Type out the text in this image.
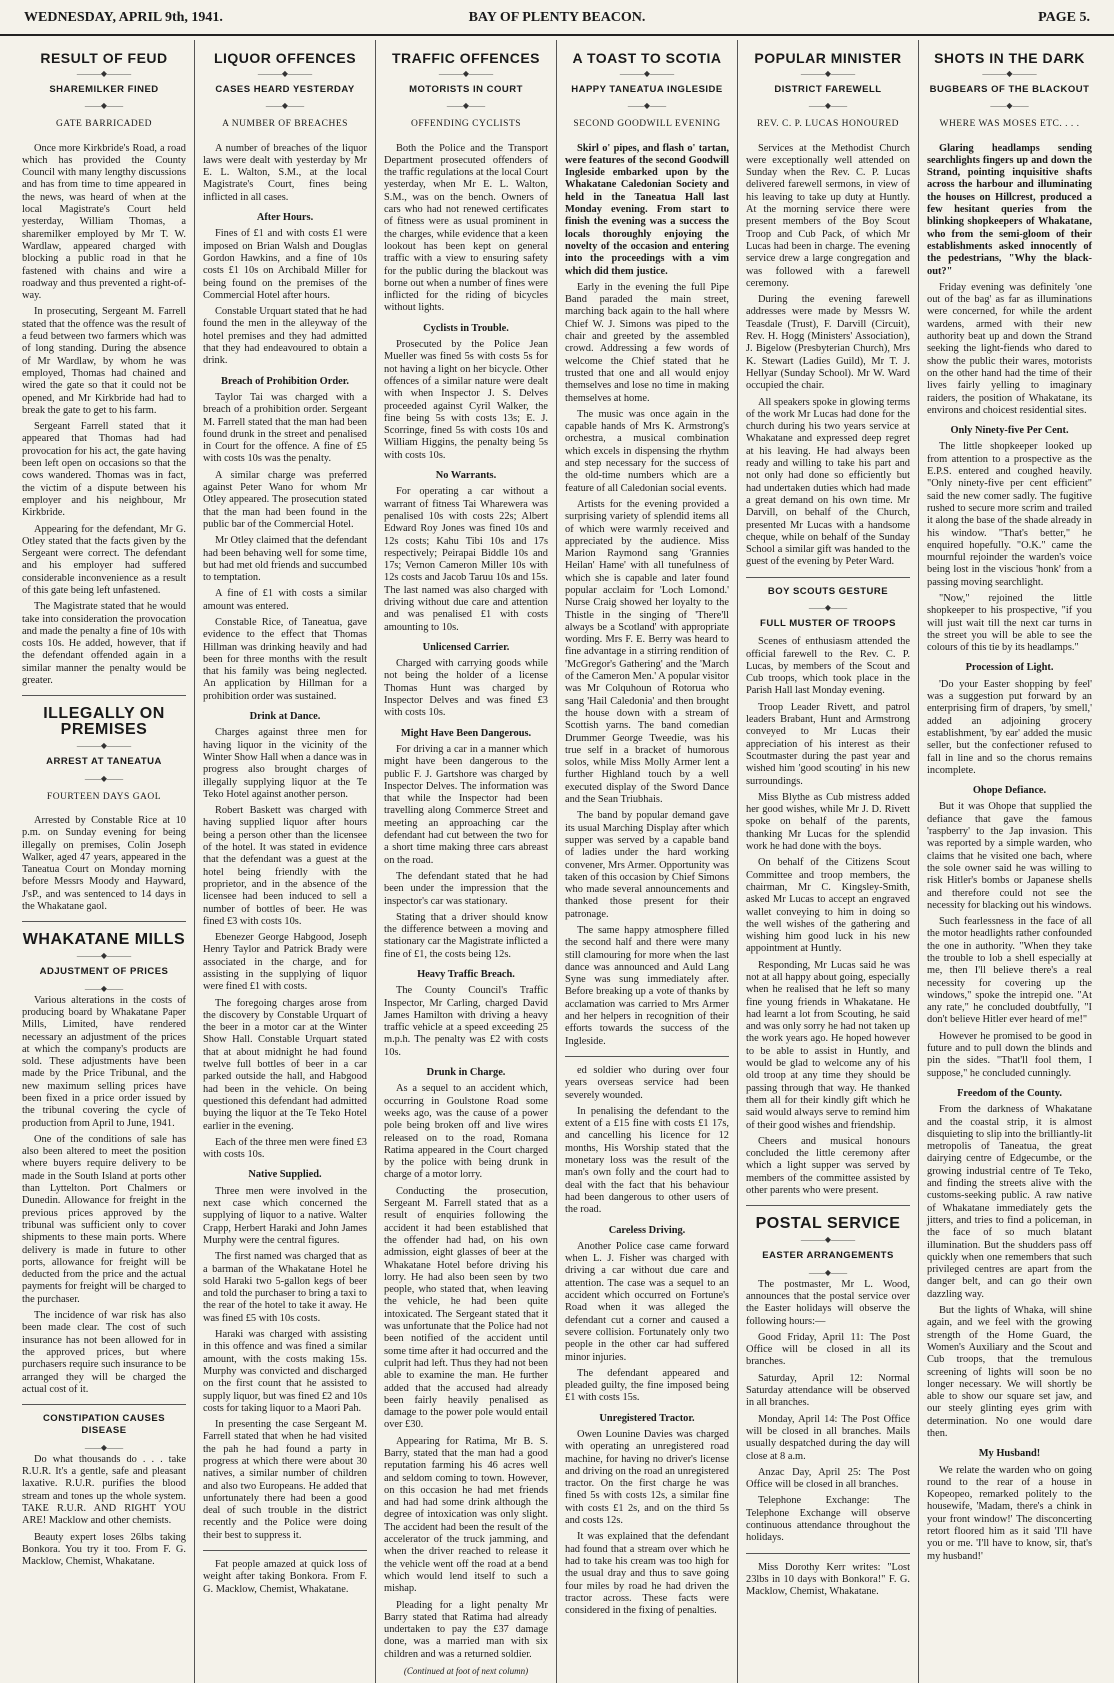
WEDNESDAY, APRIL 9th, 1941.	BAY OF PLENTY BEACON.	PAGE 5.
RESULT OF FEUD
———◆———
SHAREMILKER FINED
——◆——
GATE BARRICADED

Once more Kirkbride's Road, a road which has provided the County Council with many lengthy discussions and has from time to time appeared in the news, was heard of when at the local Magistrate's Court held yesterday, William Thomas, a sharemilker employed by Mr T. W. Wardlaw, appeared charged with blocking a public road in that he fastened with chains and wire a roadway and thus prevented a right-of-way.

In prosecuting, Sergeant M. Farrell stated that the offence was the result of a feud between two farmers which was of long standing. During the absence of Mr Wardlaw, by whom he was employed, Thomas had chained and wired the gate so that it could not be opened, and Mr Kirkbride had had to break the gate to get to his farm.

Sergeant Farrell stated that it appeared that Thomas had had provocation for his act, the gate having been left open on occasions so that the cows wandered. Thomas was in fact, the victim of a dispute between his employer and his neighbour, Mr Kirkbride.

Appearing for the defendant, Mr G. Otley stated that the facts given by the Sergeant were correct. The defendant and his employer had suffered considerable inconvenience as a result of this gate being left unfastened.

The Magistrate stated that he would take into consideration the provocation and made the penalty a fine of 10s with costs 10s. He added, however, that if the defendant offended again in a similar manner the penalty would be greater.

ILLEGALLY ON PREMISES
———◆———
ARREST AT TANEATUA
——◆——
FOURTEEN DAYS GAOL

Arrested by Constable Rice at 10 p.m. on Sunday evening for being illegally on premises, Colin Joseph Walker, aged 47 years, appeared in the Taneatua Court on Monday morning before Messrs Moody and Hayward, J'sP., and was sentenced to 14 days in the Whakatane gaol.

WHAKATANE MILLS
———◆———
ADJUSTMENT OF PRICES
——◆——

Various alterations in the costs of producing board by Whakatane Paper Mills, Limited, have rendered necessary an adjustment of the prices at which the company's products are sold. These adjustments have been made by the Price Tribunal, and the new maximum selling prices have been fixed in a price order issued by the tribunal covering the cycle of production from April to June, 1941.

One of the conditions of sale has also been altered to meet the position where buyers require delivery to be made in the South Island at ports other than Lyttelton. Port Chalmers or Dunedin. Allowance for freight in the previous prices approved by the tribunal was sufficient only to cover shipments to these main ports. Where delivery is made in future to other ports, allowance for freight will be deducted from the price and the actual payments for freight will be charged to the purchaser.

The incidence of war risk has also been made clear. The cost of such insurance has not been allowed for in the approved prices, but where purchasers require such insurance to be arranged they will be charged the actual cost of it.

CONSTIPATION CAUSES DISEASE
——◆——

Do what thousands do . . . take R.U.R. It's a gentle, safe and pleasant laxative. R.U.R. purifies the blood stream and tones up the whole system. TAKE R.U.R. AND RIGHT YOU ARE! Macklow and other chemists.

Beauty expert loses 26lbs taking Bonkora. You try it too. From F. G. Macklow, Chemist, Whakatane.

LIQUOR OFFENCES
———◆———
CASES HEARD YESTERDAY
——◆——
A NUMBER OF BREACHES

A number of breaches of the liquor laws were dealt with yesterday by Mr E. L. Walton, S.M., at the local Magistrate's Court, fines being inflicted in all cases.

After Hours.

Fines of £1 and with costs £1 were imposed on Brian Walsh and Douglas Gordon Hawkins, and a fine of 10s costs £1 10s on Archibald Miller for being found on the premises of the Commercial Hotel after hours.

Constable Urquart stated that he had found the men in the alleyway of the hotel premises and they had admitted that they had endeavoured to obtain a drink.

Breach of Prohibition Order.

Taylor Tai was charged with a breach of a prohibition order. Sergeant M. Farrell stated that the man had been found drunk in the street and penalised in Court for the offence. A fine of £5 with costs 10s was the penalty.

A similar charge was preferred against Peter Wano for whom Mr Otley appeared. The prosecution stated that the man had been found in the public bar of the Commercial Hotel.

Mr Otley claimed that the defendant had been behaving well for some time, but had met old friends and succumbed to temptation.

A fine of £1 with costs a similar amount was entered.

Constable Rice, of Taneatua, gave evidence to the effect that Thomas Hillman was drinking heavily and had been for three months with the result that his family was being neglected. An application by Hillman for a prohibition order was sustained.

Drink at Dance.

Charges against three men for having liquor in the vicinity of the Winter Show Hall when a dance was in progress also brought charges of illegally supplying liquor at the Te Teko Hotel against another person.

Robert Baskett was charged with having supplied liquor after hours being a person other than the licensee of the hotel. It was stated in evidence that the defendant was a guest at the hotel being friendly with the proprietor, and in the absence of the licensee had been induced to sell a number of bottles of beer. He was fined £3 with costs 10s.

Ebenezer George Habgood, Joseph Henry Taylor and Patrick Brady were associated in the charge, and for assisting in the supplying of liquor were fined £1 with costs.

The foregoing charges arose from the discovery by Constable Urquart of the beer in a motor car at the Winter Show Hall. Constable Urquart stated that at about midnight he had found twelve full bottles of beer in a car parked outside the hall, and Habgood had been in the vehicle. On being questioned this defendant had admitted buying the liquor at the Te Teko Hotel earlier in the evening.

Each of the three men were fined £3 with costs 10s.

Native Supplied.

Three men were involved in the next case which concerned the supplying of liquor to a native. Walter Crapp, Herbert Haraki and John James Murphy were the central figures.

The first named was charged that as a barman of the Whakatane Hotel he sold Haraki two 5-gallon kegs of beer and told the purchaser to bring a taxi to the rear of the hotel to take it away. He was fined £5 with 10s costs.

Haraki was charged with assisting in this offence and was fined a similar amount, with the costs making 15s. Murphy was convicted and discharged on the first count that he assisted to supply liquor, but was fined £2 and 10s costs for taking liquor to a Maori Pah.

In presenting the case Sergeant M. Farrell stated that when he had visited the pah he had found a party in progress at which there were about 30 natives, a similar number of children and also two Europeans. He added that unfortunately there had been a good deal of such trouble in the district recently and the Police were doing their best to suppress it.

Fat people amazed at quick loss of weight after taking Bonkora. From F. G. Macklow, Chemist, Whakatane.

TRAFFIC OFFENCES
———◆———
MOTORISTS IN COURT
——◆——
OFFENDING CYCLISTS

Both the Police and the Transport Department prosecuted offenders of the traffic regulations at the local Court yesterday, when Mr E. L. Walton, S.M., was on the bench. Owners of cars who had not renewed certificates of fitness were as usual prominent in the charges, while evidence that a keen lookout has been kept on general traffic with a view to ensuring safety for the public during the blackout was borne out when a number of fines were inflicted for the riding of bicycles without lights.

Cyclists in Trouble.

Prosecuted by the Police Jean Mueller was fined 5s with costs 5s for not having a light on her bicycle. Other offences of a similar nature were dealt with when Inspector J. S. Delves proceeded against Cyril Walker, the fine being 5s with costs 13s; E. J. Scorringe, fined 5s with costs 10s and William Higgins, the penalty being 5s with costs 10s.

No Warrants.

For operating a car without a warrant of fitness Tai Wharewera was penalised 10s with costs 22s; Albert Edward Roy Jones was fined 10s and 12s costs; Kahu Tibi 10s and 17s respectively; Peirapai Biddle 10s and 17s; Vernon Cameron Miller 10s with 12s costs and Jacob Taruu 10s and 15s. The last named was also charged with driving without due care and attention and was penalised £1 with costs amounting to 10s.

Unlicensed Carrier.

Charged with carrying goods while not being the holder of a license Thomas Hunt was charged by Inspector Delves and was fined £3 with costs 10s.

Might Have Been Dangerous.

For driving a car in a manner which might have been dangerous to the public F. J. Gartshore was charged by Inspector Delves. The information was that while the Inspector had been travelling along Commerce Street and meeting an approaching car the defendant had cut between the two for a short time making three cars abreast on the road.

The defendant stated that he had been under the impression that the inspector's car was stationary.

Stating that a driver should know the difference between a moving and stationary car the Magistrate inflicted a fine of £1, the costs being 12s.

Heavy Traffic Breach.

The County Council's Traffic Inspector, Mr Carling, charged David James Hamilton with driving a heavy traffic vehicle at a speed exceeding 25 m.p.h. The penalty was £2 with costs 10s.

Drunk in Charge.

As a sequel to an accident which, occurring in Goulstone Road some weeks ago, was the cause of a power pole being broken off and live wires released on to the road, Romana Ratima appeared in the Court charged by the police with being drunk in charge of a motor lorry.

Conducting the prosecution, Sergeant M. Farrell stated that as a result of enquiries following the accident it had been established that the offender had had, on his own admission, eight glasses of beer at the Whakatane Hotel before driving his lorry. He had also been seen by two people, who stated that, when leaving the vehicle, he had been quite intoxicated. The Sergeant stated that it was unfortunate that the Police had not been notified of the accident until some time after it had occurred and the culprit had left. Thus they had not been able to examine the man. He further added that the accused had already been fairly heavily penalised as damage to the power pole would entail over £30.

Appearing for Ratima, Mr B. S. Barry, stated that the man had a good reputation farming his 46 acres well and seldom coming to town. However, on this occasion he had met friends and had had some drink although the degree of intoxication was only slight. The accident had been the result of the accelerator of the truck jamming, and when the driver reached to release it the vehicle went off the road at a bend which would lend itself to such a mishap.

Pleading for a light penalty Mr Barry stated that Ratima had already undertaken to pay the £37 damage done, was a married man with six children and was a returned soldier.

(Continued at foot of next column)
A TOAST TO SCOTIA
———◆———
HAPPY TANEATUA INGLESIDE
——◆——
SECOND GOODWILL EVENING

Skirl o' pipes, and flash o' tartan, were features of the second Goodwill Ingleside embarked upon by the Whakatane Caledonian Society and held in the Taneatua Hall last Monday evening. From start to finish the evening was a success the locals thoroughly enjoying the novelty of the occasion and entering into the proceedings with a vim which did them justice.

Early in the evening the full Pipe Band paraded the main street, marching back again to the hall where Chief W. J. Simons was piped to the chair and greeted by the assembled crowd. Addressing a few words of welcome the Chief stated that he trusted that one and all would enjoy themselves and lose no time in making themselves at home.

The music was once again in the capable hands of Mrs K. Armstrong's orchestra, a musical combination which excels in dispensing the rhythm and step necessary for the success of the old-time numbers which are a feature of all Caledonian social events.

Artists for the evening provided a surprising variety of splendid items all of which were warmly received and appreciated by the audience. Miss Marion Raymond sang 'Grannies Heilan' Hame' with all tunefulness of which she is capable and later found popular acclaim for 'Loch Lomond.' Nurse Craig showed her loyalty to the Thistle in the singing of 'There'll always be a Scotland' with appropriate wording. Mrs F. E. Berry was heard to fine advantage in a stirring rendition of 'McGregor's Gathering' and the 'March of the Cameron Men.' A popular visitor was Mr Colquhoun of Rotorua who sang 'Hail Caledonia' and then brought the house down with a stream of Scottish yarns. The band comedian Drummer George Tweedie, was his true self in a bracket of humorous solos, while Miss Molly Armer lent a further Highland touch by a well executed display of the Sword Dance and the Sean Triubhais.

The band by popular demand gave its usual Marching Display after which supper was served by a capable band of ladies under the hard working convener, Mrs Armer. Opportunity was taken of this occasion by Chief Simons who made several announcements and thanked those present for their patronage.

The same happy atmosphere filled the second half and there were many still clamouring for more when the last dance was announced and Auld Lang Syne was sung immediately after. Before breaking up a vote of thanks by acclamation was carried to Mrs Armer and her helpers in recognition of their efforts towards the success of the Ingleside.

ed soldier who during over four years overseas service had been severely wounded.

In penalising the defendant to the extent of a £15 fine with costs £1 17s, and cancelling his licence for 12 months, His Worship stated that the monetary loss was the result of the man's own folly and the court had to deal with the fact that his behaviour had been dangerous to other users of the road.

Careless Driving.

Another Police case came forward when L. J. Fisher was charged with driving a car without due care and attention. The case was a sequel to an accident which occurred on Fortune's Road when it was alleged the defendant cut a corner and caused a severe collision. Fortunately only two people in the other car had suffered minor injuries.

The defendant appeared and pleaded guilty, the fine imposed being £1 with costs 15s.

Unregistered Tractor.

Owen Lounine Davies was charged with operating an unregistered road machine, for having no driver's license and driving on the road an unregistered tractor. On the first charge he was fined 5s with costs 12s, a similar fine with costs £1 2s, and on the third 5s and costs 12s.

It was explained that the defendant had found that a stream over which he had to take his cream was too high for the usual dray and thus to save going four miles by road he had driven the tractor across. These facts were considered in the fixing of penalties.

POPULAR MINISTER
———◆———
DISTRICT FAREWELL
——◆——
REV. C. P. LUCAS HONOURED

Services at the Methodist Church were exceptionally well attended on Sunday when the Rev. C. P. Lucas delivered farewell sermons, in view of his leaving to take up duty at Huntly. At the morning service there were present members of the Boy Scout Troop and Cub Pack, of which Mr Lucas had been in charge. The evening service drew a large congregation and was followed with a farewell ceremony.

During the evening farewell addresses were made by Messrs W. Teasdale (Trust), F. Darvill (Circuit), Rev. H. Hogg (Ministers' Association), J. Bigelow (Presbyterian Church), Mrs K. Stewart (Ladies Guild), Mr T. J. Hellyar (Sunday School). Mr W. Ward occupied the chair.

All speakers spoke in glowing terms of the work Mr Lucas had done for the church during his two years service at Whakatane and expressed deep regret at his leaving. He had always been ready and willing to take his part and not only had done so efficiently but had undertaken duties which had made a great demand on his own time. Mr Darvill, on behalf of the Church, presented Mr Lucas with a handsome cheque, while on behalf of the Sunday School a similar gift was handed to the guest of the evening by Peter Ward.

BOY SCOUTS GESTURE
——◆——
FULL MUSTER OF TROOPS

Scenes of enthusiasm attended the official farewell to the Rev. C. P. Lucas, by members of the Scout and Cub troops, which took place in the Parish Hall last Monday evening.

Troop Leader Rivett, and patrol leaders Brabant, Hunt and Armstrong conveyed to Mr Lucas their appreciation of his interest as their Scoutmaster during the past year and wished him 'good scouting' in his new surroundings.

Miss Blythe as Cub mistress added her good wishes, while Mr J. D. Rivett spoke on behalf of the parents, thanking Mr Lucas for the splendid work he had done with the boys.

On behalf of the Citizens Scout Committee and troop members, the chairman, Mr C. Kingsley-Smith, asked Mr Lucas to accept an engraved wallet conveying to him in doing so the well wishes of the gathering and wishing him good luck in his new appointment at Huntly.

Responding, Mr Lucas said he was not at all happy about going, especially when he realised that he left so many fine young friends in Whakatane. He had learnt a lot from Scouting, he said and was only sorry he had not taken up the work years ago. He hoped however to be able to assist in Huntly, and would be glad to welcome any of his old troop at any time they should be passing through that way. He thanked them all for their kindly gift which he said would always serve to remind him of their good wishes and friendship.

Cheers and musical honours concluded the little ceremony after which a light supper was served by members of the committee assisted by other parents who were present.

POSTAL SERVICE
———◆———
EASTER ARRANGEMENTS
——◆——

The postmaster, Mr L. Wood, announces that the postal service over the Easter holidays will observe the following hours:—

Good Friday, April 11: The Post Office will be closed in all its branches.

Saturday, April 12: Normal Saturday attendance will be observed in all branches.

Monday, April 14: The Post Office will be closed in all branches. Mails usually despatched during the day will close at 8 a.m.

Anzac Day, April 25: The Post Office will be closed in all branches.

Telephone Exchange: The Telephone Exchange will observe continuous attendance throughout the holidays.

Miss Dorothy Kerr writes: "Lost 23lbs in 10 days with Bonkora!" F. G. Macklow, Chemist, Whakatane.

SHOTS IN THE DARK
———◆———
BUGBEARS OF THE BLACKOUT
——◆——
WHERE WAS MOSES ETC. . . .

Glaring headlamps sending searchlights fingers up and down the Strand, pointing inquisitive shafts across the harbour and illuminating the houses on Hillcrest, produced a few hesitant queries from the blinking shopkeepers of Whakatane, who from the semi-gloom of their establishments asked innocently of the pedestrians, "Why the black-out?"

Friday evening was definitely 'one out of the bag' as far as illuminations were concerned, for while the ardent wardens, armed with their new authority beat up and down the Strand seeking the light-fiends who dared to show the public their wares, motorists on the other hand had the time of their lives fairly yelling to imaginary raiders, the position of Whakatane, its environs and choicest residential sites.

Only Ninety-five Per Cent.

The little shopkeeper looked up from attention to a prospective as the E.P.S. entered and coughed heavily. "Only ninety-five per cent efficient" said the new comer sadly. The fugitive rushed to secure more scrim and trailed it along the base of the shade already in his window. "That's better," he enquired hopefully. "O.K." came the mournful rejoinder the warden's voice being lost in the viscious 'honk' from a passing moving searchlight.

"Now," rejoined the little shopkeeper to his prospective, "if you will just wait till the next car turns in the street you will be able to see the colours of this tie by its headlamps."

Procession of Light.

'Do your Easter shopping by feel' was a suggestion put forward by an enterprising firm of drapers, 'by smell,' added an adjoining grocery establishment, 'by ear' added the music seller, but the confectioner refused to fall in line and so the chorus remains incomplete.

Ohope Defiance.

But it was Ohope that supplied the defiance that gave the famous 'raspberry' to the Jap invasion. This was reported by a simple warden, who claims that he visited one bach, where the sole owner said he was willing to risk Hitler's bombs or Japanese shells and therefore could not see the necessity for blacking out his windows.

Such fearlessness in the face of all the motor headlights rather confounded the one in authority. "When they take the trouble to lob a shell especially at me, then I'll believe there's a real necessity for covering up the windows," spoke the intrepid one. "At any rate," he concluded doubtfully, "I don't believe Hitler ever heard of me!"

However he promised to be good in future and to pull down the blinds and pin the sides. "That'll fool them, I suppose," he concluded cunningly.

Freedom of the County.

From the darkness of Whakatane and the coastal strip, it is almost disquieting to slip into the brilliantly-lit metropolis of Taneatua, the great dairying centre of Edgecumbe, or the growing industrial centre of Te Teko, and finding the streets alive with the customs-seeking public. A raw native of Whakatane immediately gets the jitters, and tries to find a policeman, in the face of so much blatant illumination. But the shudders pass off quickly when one remembers that such privileged centres are apart from the danger belt, and can go their own dazzling way.

But the lights of Whaka, will shine again, and we feel with the growing strength of the Home Guard, the Women's Auxiliary and the Scout and Cub troops, that the tremulous screening of lights will soon be no longer necessary. We will shortly be able to show our square set jaw, and our steely glinting eyes grim with determination. No one would dare then.

My Husband!

We relate the warden who on going round to the rear of a house in Kopeopeo, remarked politely to the housewife, 'Madam, there's a chink in your front window!' The disconcerting retort floored him as it said 'I'll have you or me. 'I'll have to know, sir, that's my husband!'
